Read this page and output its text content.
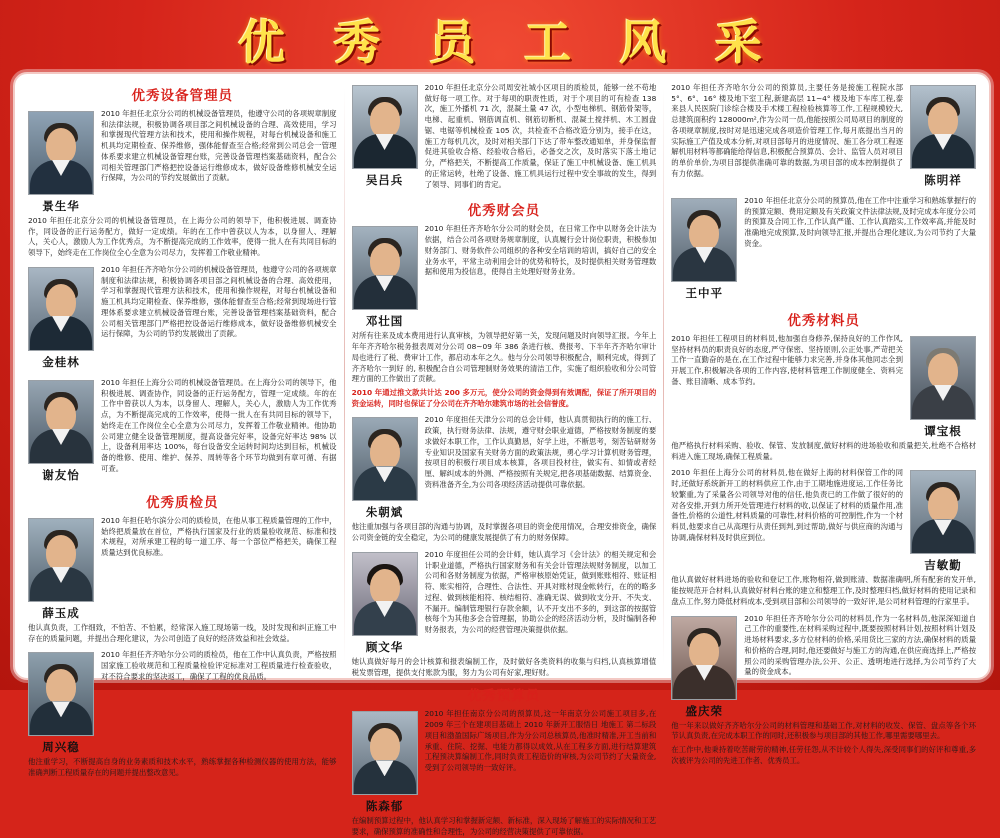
优 秀 员 工 风 采
优秀设备管理员
景生华

2010 年担任北京分公司的机械设备管理员，他遵守公司的各项规章制度和法律法规，积极协调各项目部之间机械设备的合理、高效使用，学习和掌握现代管理方法和技术，使用和操作规程，对每台机械设备和施工机具均定期检查、保养维修，强体能督查至合格;经常到公司总会一管理体系要求建立机械设备管理台账，完善设备管理档案基础资料，配合公司相关管理部门严格把控设备运行维修成本，做好设备维修机械安全运行保障，为公司的节约发展做出了贡献。

2010 年担任北京分公司的机械设备管理员，在上海分公司的领导下，他积极进展、调查协作，同设备的正行运务配方，做好一定成绩。年的在工作中曾获以人为本，以身留人、理解人，关心人，激励人为工作优秀点，为不断提高完成的工作效率，使得一批人在有共同目标的领导下，始终走在工作岗位全心全意为公司尽力，发挥着工作敬业精神。

金桂林

2010 年担任齐齐哈尔分公司的机械设备管理员，他遵守公司的各项规章制度和法律法规，积极协调各项目部之间机械设备的合理、高效使用，学习和掌握现代管理方法和技术，使用和操作规程，对每台机械设备和施工机具均定期检查、保养维修，强体能督查至合格;经常到现场进行管理体系要求建立机械设备管理台账，完善设备管理档案基础资料，配合公司相关管理部门严格把控设备运行维修成本，做好设备维修机械安全运行保障，为公司的节约发展做出了贡献。

谢友怡

2010 年担任上海分公司的机械设备管理员。在上海分公司的领导下，他积极进展、调查协作，同设备的正行运务配方，管理一定成绩。年的在工作中曾获以人为本，以身留人、理解人，关心人，激励人为工作优秀点，为不断提高完成的工作效率，使得一批人在有共同目标的领导下，始终走在工作岗位全心全意为公司尽力，发挥着工作敬业精神。他协助公司建立健全设备管理制度，提高设备完好率，设备完好率达 98% 以上，设备利用率达 100%，每台设备安全运转时间均达到目标，机械设备的维修、使用、维护、保养、周转等各个环节均做到有章可循、有据可查。

优秀质检员
薛玉成

2010 年担任哈尔滨分公司的质检员，在他从事工程质量管理的工作中，始终把质量放在首位，严格执行国家及行业的质量验收规范、标准和技术规程，对所承建工程的每一道工序、每一个部位严格把关，确保工程质量达到优良标准。

他认真负责，工作细致，不怕苦、不怕累，经常深入施工现场第一线，及时发现和纠正施工中存在的质量问题，并提出合理化建议，为公司创造了良好的经济效益和社会效益。

周兴稳

2010 年担任齐齐哈尔分公司的质检员，他在工作中认真负责，严格按照国家施工验收规范和工程质量检验评定标准对工程质量进行检查验收，对不符合要求的坚决返工，确保了工程的优良品质。

他注重学习，不断提高自身的业务素质和技术水平，熟练掌握各种检测仪器的使用方法，能够准确判断工程质量存在的问题并提出整改意见。

吴吕兵

2010 年担任北京分公司周安社城小区项目的质检员，能够一丝不苟地做好每一项工作。对于每项的职责性质，对于个项目的可有检查 138 次，施工外播机 71 次，混凝土量 47 次，小型电梯机、钢筋骨架等，电梯、起重机、钢筋调直机、钢筋切断机、混凝土搅拌机、木工圆盘锯、电锯等机械检查 105 次，共检查不合格改造分别为，接手在这，施工方每机几次，及时对相关部门下达了带车整改通知单，并身保监督促进其验收合格、经验收合格后，必备交之次，及时落实下落土地记分，严格把关，不断提高工作质量，保证了施工中机械设备、施工机具的正常运转，杜绝了设备、施工机具运行过程中安全事故的发生，得到了领导、同事们的肯定。

优秀财会员
邓壮国

2010 年担任齐齐哈尔分公司的财会员，在日常工作中以财务会计法为依据，结合公司各项财务规章制度，认真履行会计岗位职责，积极参加财务部门、财务软件公司组织的各种安全培训的培训，搞好自己的安全业务水平，平常主动利用会计的优势和特长，及时提供相关财务管理数据和使用为投信息，使得自主处理好财务业务。

对所有往来及成本费用进行认真审核，为领导把好第一关，发现问题及时向领导汇报。今年上年年齐齐哈尔税务报表周对分公司 08~09 年 386 条进行核、费报考、下半年齐齐哈尔审计局也进行了税、费审计工作，都启动本年之久。他与分公司领导积极配合，顺利完成，得到了齐齐哈尔一到好 的, 积极配合自公司管理制财务效果的清洁工作，实施了组织验收和分公司管理方面的工作做出了贡献。

2010 年通过推文款共计达 200 多万元，使分公司的资金得到有效调配，保证了所开项目的资金运转，同时也保证了分公司在齐齐哈尔建筑市场的社会信誉度。

朱朝斌

2010 年度担任天津分公司的总会计师，他认真贯彻执行的的施工行、政策，执行财务法律、法规，遵守财会职业道德，严格按财务制度的要求做好本职工作，工作认真勤恳，好学上进，不断思考，刻苦钻研财务专业知识及国家有关财务方面的政策法规，勇心学习计算机财务管理，按项目的积极行项目成本核算，各项目投材往，做实有、如情或者经厘、解纠成本的外测、严格按照有关规定,把各项基础数据、结算资金、资料准备齐全,为公司各项经济活动提供可靠依据。

他注重加强与各项目部的沟通与协调，及时掌握各项目的资金使用情况，合理安排资金，确保公司资金链的安全稳定，为公司的健康发展提供了有力的财务保障。

顾文华

2010 年度担任公司的会计师，她认真学习《会计法》的相关规定和会计职业道德，严格执行国家财务和有关会计管理法规财务制度，以加工公司和各财务制度为依据，严格审核原始凭证，做到账账相符、账证相符、账实相符，合理性、合法性、开具对账材现金帐转行，在的的略多过程、做到核能相符、核结相符、准确无误、做到收支分开、不失支、不漏开。编制管理银行存款余额，认不开支出不多的，到这部的按据管核每个为其他多会合管理据，协助公企的经济活动分析，及时编制各种财务报表，为公司的经营管理决策提供依据。

她认真做好每月的会计核算和报表编制工作，及时做好各类资料的收集与归档,认真核算增值税发票管理，提供支付账款为服，努力为公司有好家,理好财。

优秀预算员
陈森郁

2010 年担任南京分公司的预算员,这一年南京分公司施工项目多,在 2009 年三个在建项目基础上 2010 年新开工服悟日 地施工 第二标段项目和渤盈国际广场项目,作为分公司总核算员,他准时精准,开工当前和承重、住院、挖掘、电能力都得以成效,从在工程多方面,进行结算建筑工程预决算编制工作,同时负责工程造价的审核,为公司节约了大量资金,受到了公司领导的一致好评。

在编制预算过程中，他认真学习和掌握新定额、新标准，深入现场了解施工的实际情况和工艺要求，确保预算的准确性和合理性，为公司的经营决策提供了可靠依据。

陈明祥

2010 年担任齐齐哈尔分公司的预算员,主要任务是接施工程院水部 5°、6°、16° 楼及地下室工程,新建高层 11~4° 楼及地下车库工程,泰来县人民医院门诊综合楼及手术楼工程检验核算等工作,工程规模较大,总建筑面积约 128000m²,作为公司一员,他能按照公司局项目的制度的各项规章制度,按时对是迅速完成各项造价管理工作,每月底提出当月的实际施工产值及成本分析,对项目部每月的进度情况、施工各分项工程逐解机用材料等都确能给得信息,积极配合预算员、会计、监管人员对项目的单价单价,为项目部提供准确可靠的数据,为项目部的成本控制提供了有力依据。

王中平

2010 年担任北京分公司的预算员,他在工作中注重学习和熟练掌握行的的预算定额、费用定额及有关政策文件法律法规,及时完成本年度分公司的预算及合同工作,工作认真严谨、工作认真踏实,工作效率高,并能及时准确地完成预算,及时向领导汇报,并提出合理化建议,为公司节约了大量资金。

优秀材料员
谭宝根

2010 年担任工程项目的材料员,他加强自身修养,保持良好的工作作风,坚持材料员的职责良好的态度,严守保密、坚持原则,公正处事,严苛把关工作一直勤奋的是在,在工作过程中能够力求完善,并身体其他同志全到开展工作,积极解决各项的工作内容,使材料管理工作制度健全、资料完备、账目清晰、成本节约。

他严格执行材料采购、验收、保管、发放制度,做好材料的进场验收和质量把关,杜绝不合格材料进入施工现场,确保工程质量。

吉敏勤

2010 年担任上海分公司的材料员,他在做好上海的材料保管工作的同时,还做好系统新开工的材料供应工作,由于工期地施进度运,工作任务比较繁重,为了采量各公司领导对他的信任,他负责已的工作做了很好的的对各安排,开到力所开处管理进行材料的收,以保证了材料的质量作用,准备性,价格的公道性,材料质量的可靠性,材料价格的可控制性,作为一个材料员,他要求自己从高理行从责任到判,到过帮助,做好与供应商的沟通与协调,确保材料及时供应到位。

他认真做好材料进场的验收和登记工作,账物相符,做到账清、数据准确明,所有配套的发开单,能按规范开合材料,认真做好材料台账的建立和整理工作,及时整理归档,做好材料的使用记录和盘点工作,努力降低材料成本,受到项目部和公司领导的一致好评,是公司材料管理的行家里手。

盛庆荣

2010 年担任齐齐哈尔分公司的材料员,作为一名材料员,他深深知道自己工作的重要性,在材料采购过程中,既要按照材料计划,按照材料计划及进场材料要求,多方位材料的价格,采用货比三家的方法,确保材料的质量和价格的合理,同时,他还要做好与施工方的沟通,在供应商选择上,严格按照公司的采购管理办法,公开、公正、透明地进行选择,为公司节约了大量的资金成本。

他一年来以做好齐齐哈尔分公司的材料管理和基础工作,对材料的收发、保管、盘点等各个环节认真负责,在完成本职工作的同时,还积极参与项目部的其他工作,哪里需要哪里去。

在工作中,他秉持着吃苦耐劳的精神,任劳任怨,从不计较个人得失,深受同事们的好评和尊重,多次被评为公司的先进工作者、优秀员工。
